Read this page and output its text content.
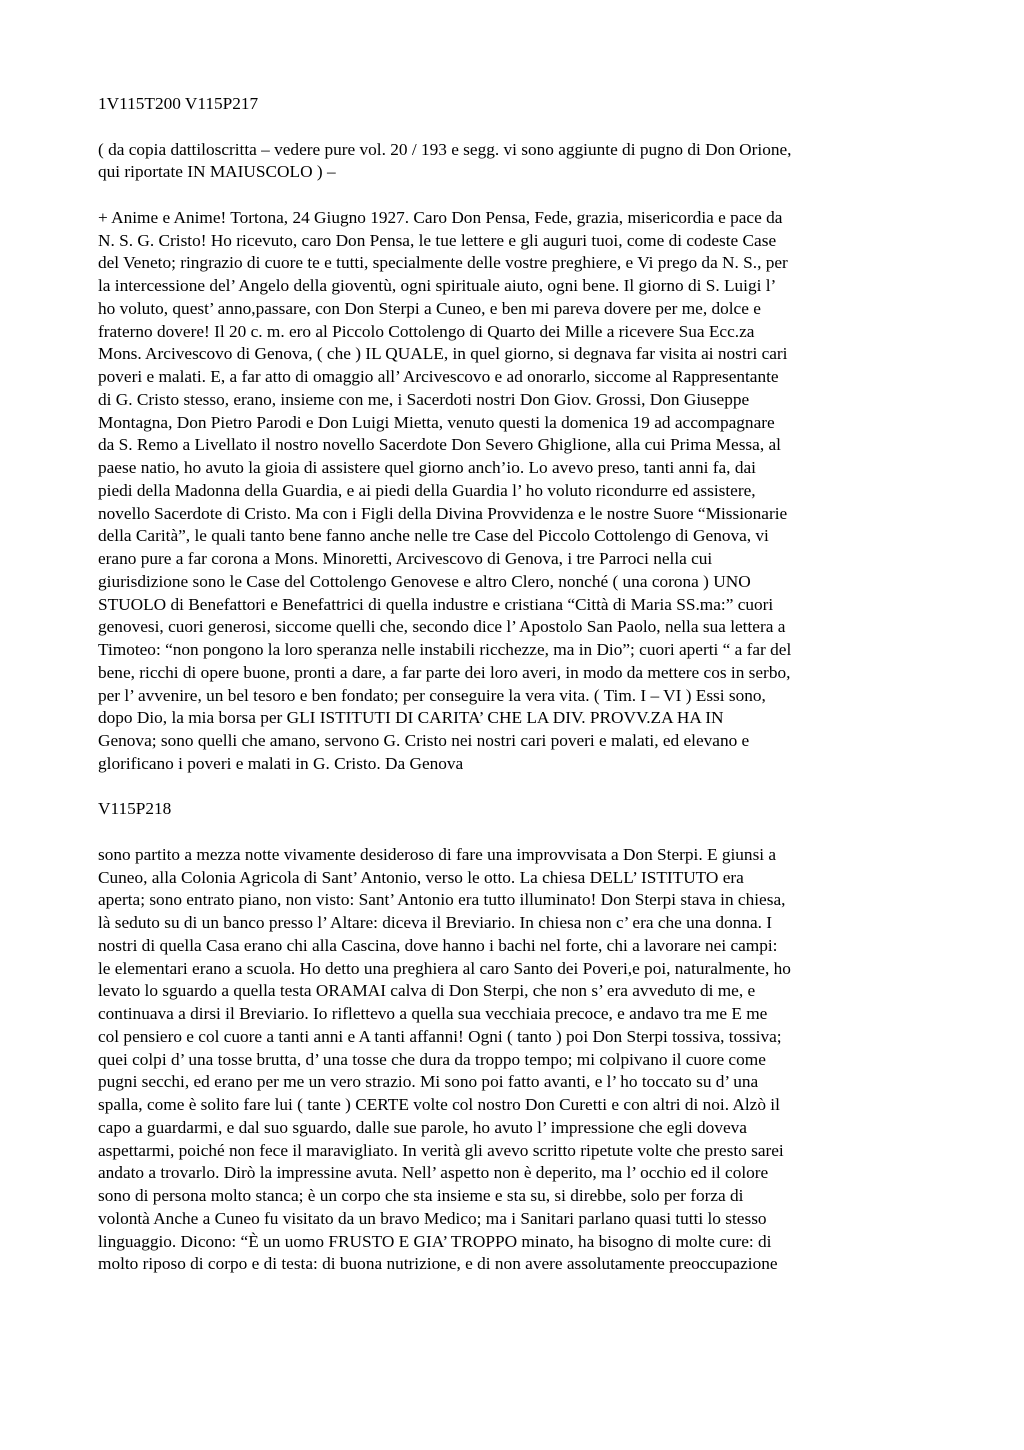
1V115T200 V115P217

( da copia dattiloscritta – vedere pure vol. 20 / 193 e segg. vi sono aggiunte di pugno di Don Orione,
qui riportate IN MAIUSCOLO ) –

+ Anime e Anime! Tortona, 24 Giugno 1927. Caro Don Pensa, Fede, grazia, misericordia e pace da
N. S. G. Cristo! Ho ricevuto, caro Don Pensa, le tue lettere e gli auguri tuoi, come di codeste Case
del Veneto; ringrazio di cuore te e tutti, specialmente delle vostre preghiere, e Vi prego da N. S., per
la intercessione del’ Angelo della gioventù, ogni spirituale aiuto, ogni bene. Il giorno di S. Luigi l’
ho voluto, quest’ anno,passare, con Don Sterpi a Cuneo, e ben mi pareva dovere per me, dolce e
fraterno dovere! Il 20 c. m. ero al Piccolo Cottolengo di Quarto dei Mille a ricevere Sua Ecc.za
Mons. Arcivescovo di Genova, ( che ) IL QUALE, in quel giorno, si degnava far visita ai nostri cari
poveri e malati. E, a far atto di omaggio all’ Arcivescovo e ad onorarlo, siccome al Rappresentante
di G. Cristo stesso, erano, insieme con me, i Sacerdoti nostri Don Giov. Grossi, Don Giuseppe
Montagna, Don Pietro Parodi e Don Luigi Mietta, venuto questi la domenica 19 ad accompagnare
da S. Remo a Livellato il nostro novello Sacerdote Don Severo Ghiglione, alla cui Prima Messa, al
paese natio, ho avuto la gioia di assistere quel giorno anch’io. Lo avevo preso, tanti anni fa, dai
piedi della Madonna della Guardia, e ai piedi della Guardia l’ ho voluto ricondurre ed assistere,
novello Sacerdote di Cristo. Ma con i Figli della Divina Provvidenza e le nostre Suore “Missionarie
della Carità”, le quali tanto bene fanno anche nelle tre Case del Piccolo Cottolengo di Genova, vi
erano pure a far corona a Mons. Minoretti, Arcivescovo di Genova, i tre Parroci nella cui
giurisdizione sono le Case del Cottolengo Genovese e altro Clero, nonché ( una corona ) UNO
STUOLO di Benefattori e Benefattrici di quella industre e cristiana “Città di Maria SS.ma:” cuori
genovesi, cuori generosi, siccome quelli che, secondo dice l’ Apostolo San Paolo, nella sua lettera a
Timoteo: “non pongono la loro speranza nelle instabili ricchezze, ma in Dio”; cuori aperti “ a far del
bene, ricchi di opere buone, pronti a dare, a far parte dei loro averi, in modo da mettere cos in serbo,
per l’ avvenire, un bel tesoro e ben fondato; per conseguire la vera vita. ( Tim. I – VI ) Essi sono,
dopo Dio, la mia borsa per GLI ISTITUTI DI CARITA’ CHE LA DIV. PROVV.ZA HA IN
Genova; sono quelli che amano, servono G. Cristo nei nostri cari poveri e malati, ed elevano e
glorificano i poveri e malati in G. Cristo. Da Genova

V115P218

sono partito a mezza notte vivamente desideroso di fare una improvvisata a Don Sterpi. E giunsi a
Cuneo, alla Colonia Agricola di Sant’ Antonio, verso le otto. La chiesa DELL’ ISTITUTO era
aperta; sono entrato piano, non visto: Sant’ Antonio era tutto illuminato! Don Sterpi stava in chiesa,
là seduto su di un banco presso l’ Altare: diceva il Breviario. In chiesa non c’ era che una donna. I
nostri di quella Casa erano chi alla Cascina, dove hanno i bachi nel forte, chi a lavorare nei campi:
le elementari erano a scuola. Ho detto una preghiera al caro Santo dei Poveri,e poi, naturalmente, ho
levato lo sguardo a quella testa ORAMAI calva di Don Sterpi, che non s’ era avveduto di me, e
continuava a dirsi il Breviario. Io riflettevo a quella sua vecchiaia precoce, e andavo tra me E me
col pensiero e col cuore a tanti anni e A tanti affanni! Ogni ( tanto ) poi Don Sterpi tossiva, tossiva;
quei colpi d’ una tosse brutta, d’ una tosse che dura da troppo tempo; mi colpivano il cuore come
pugni secchi, ed erano per me un vero strazio. Mi sono poi fatto avanti, e l’ ho toccato su d’ una
spalla, come è solito fare lui ( tante ) CERTE volte col nostro Don Curetti e con altri di noi. Alzò il
capo a guardarmi, e dal suo sguardo, dalle sue parole, ho avuto l’ impressione che egli doveva
aspettarmi, poiché non fece il maravigliato. In verità gli avevo scritto ripetute volte che presto sarei
andato a trovarlo. Dirò la impressine avuta. Nell’ aspetto non è deperito, ma l’ occhio ed il colore
sono di persona molto stanca; è un corpo che sta insieme e sta su, si direbbe, solo per forza di
volontà Anche a Cuneo fu visitato da un bravo Medico; ma i Sanitari parlano quasi tutti lo stesso
linguaggio. Dicono: “È un uomo FRUSTO E GIA’ TROPPO minato, ha bisogno di molte cure: di
molto riposo di corpo e di testa: di buona nutrizione, e di non avere assolutamente preoccupazione
